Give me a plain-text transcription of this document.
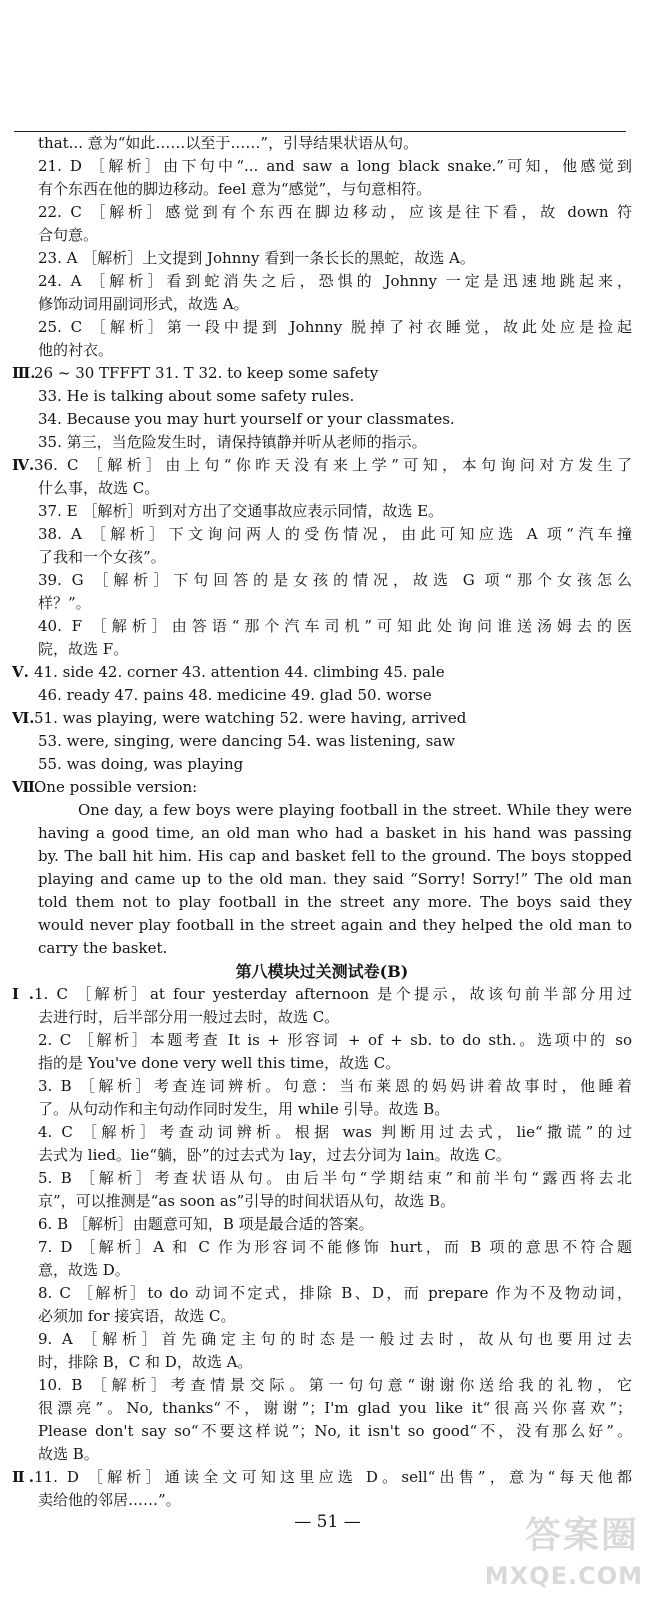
that... 意为“如此……以至于……”，引导结果状语从句。
21. D ［解析］由下句中“... and saw a long black snake.”可知，他感觉到
有个东西在他的脚边移动。feel 意为“感觉”，与句意相符。
22. C ［解析］感觉到有个东西在脚边移动，应该是往下看，故 down 符
合句意。
23. A ［解析］上文提到 Johnny 看到一条长长的黑蛇，故选 A。
24. A ［解析］看到蛇消失之后，恐惧的 Johnny 一定是迅速地跳起来，
修饰动词用副词形式，故选 A。
25. C ［解析］第一段中提到 Johnny 脱掉了衬衣睡觉，故此处应是捡起
他的衬衣。
Ⅲ.26 ~ 30 TFFFT 31. T 32. to keep some safety
33. He is talking about some safety rules.
34. Because you may hurt yourself or your classmates.
35. 第三，当危险发生时，请保持镇静并听从老师的指示。
Ⅳ.36. C ［解析］由上句“你昨天没有来上学”可知，本句询问对方发生了
什么事，故选 C。
37. E ［解析］听到对方出了交通事故应表示同情，故选 E。
38. A ［解析］下文询问两人的受伤情况，由此可知应选 A 项“汽车撞
了我和一个女孩”。
39. G ［解析］下句回答的是女孩的情况，故选 G 项“那个女孩怎么
样？”。
40. F ［解析］由答语“那个汽车司机”可知此处询问谁送汤姆去的医
院，故选 F。
Ⅴ. 41. side 42. corner 43. attention 44. climbing 45. pale
46. ready 47. pains 48. medicine 49. glad 50. worse
Ⅵ.51. was playing, were watching 52. were having, arrived
53. were, singing, were dancing 54. was listening, saw
55. was doing, was playing
Ⅶ.One possible version:
One day, a few boys were playing football in the street. While they were
having a good time, an old man who had a basket in his hand was passing
by. The ball hit him. His cap and basket fell to the ground. The boys stopped
playing and came up to the old man. they said “Sorry! Sorry!” The old man
told them not to play football in the street any more. The boys said they
would never play football in the street again and they helped the old man to
carry the basket.
第八模块过关测试卷(B)
Ⅰ.1. C ［解析］at four yesterday afternoon 是个提示，故该句前半部分用过
去进行时，后半部分用一般过去时，故选 C。
2. C ［解析］本题考查 It is + 形容词 + of + sb. to do sth.。选项中的 so
指的是 You've done very well this time，故选 C。
3. B ［解析］考查连词辨析。句意：当布莱恩的妈妈讲着故事时，他睡着
了。从句动作和主句动作同时发生，用 while 引导。故选 B。
4. C ［解析］考查动词辨析。根据 was 判断用过去式，lie“撒谎”的过
去式为 lied。lie“躺，卧”的过去式为 lay，过去分词为 lain。故选 C。
5. B ［解析］考查状语从句。由后半句“学期结束”和前半句“露西将去北
京”，可以推测是“as soon as”引导的时间状语从句，故选 B。
6. B ［解析］由题意可知，B 项是最合适的答案。
7. D ［解析］A 和 C 作为形容词不能修饰 hurt，而 B 项的意思不符合题
意，故选 D。
8. C ［解析］to do 动词不定式，排除 B、D，而 prepare 作为不及物动词，
必须加 for 接宾语，故选 C。
9. A ［解析］首先确定主句的时态是一般过去时，故从句也要用过去
时，排除 B，C 和 D，故选 A。
10. B ［解析］考查情景交际。第一句句意“谢谢你送给我的礼物，它
很漂亮”。No, thanks“不，谢谢”；I'm glad you like it“很高兴你喜欢”；
Please don't say so“不要这样说”；No, it isn't so good“不，没有那么好”。
故选 B。
Ⅱ.11. D ［解析］通读全文可知这里应选 D。sell“出售”，意为“每天他都
卖给他的邻居……”。
— 51 —	答案圈
MXQE.COM
